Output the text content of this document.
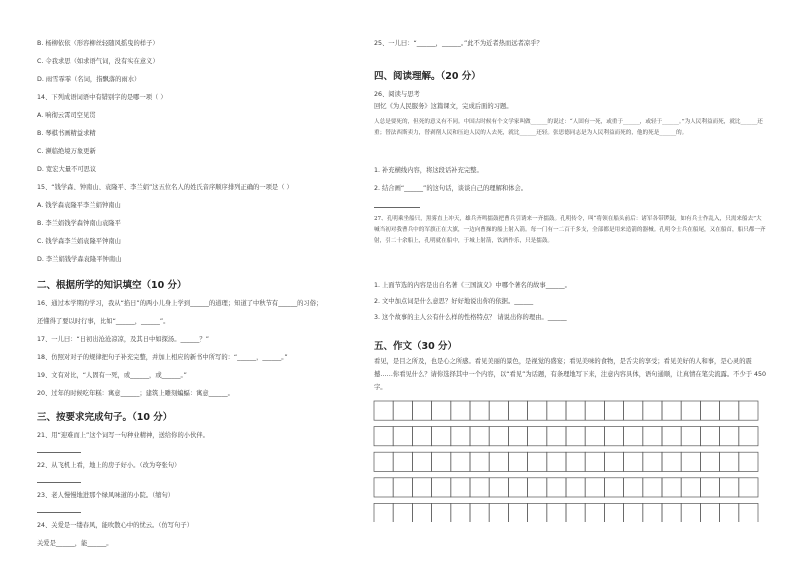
B. 杨柳依依（形容柳丝轻随风摇曳的样子）
C. 令我求思（如求语气词，没有实在意义）
D. 雨雪霏霏（名词，指飘落的雨水）
14、下列成语词语中有错别字的是哪一项（ ）
A. 响彻云霄司空见贯
B. 琴棋书画精益求精
C. 濒临绝境万象更新
D. 宽宏大量不可思议
15、“钱学森、钟南山、袁隆平、李兰娟”这五位名人的姓氏音序顺序排列正确的一项是（ ）
A. 钱学森袁隆平李兰娟钟南山
B. 李兰娟钱学森钟南山袁隆平
C. 钱学森李兰娟袁隆平钟南山
D. 李兰娟钱学森袁隆平钟南山
二、根据所学的知识填空（10 分）
16、通过本学期的学习，我从“掐日”的两小儿身上学到______的道理；知道了中秋节有______的习俗；
还懂得了要以时行事，比如“______，______”。
17、一儿曰：“日初出沧沧凉凉，及其日中如探汤。______？”
18、仿照对对子的规律把句子补充完整，并加上相应的新书中所写的：“______，______。”
19、文有对比，“人固有一死，或______，或______。”
20、过年的时候吃年糕：寓意______；建筑上雕刻蝙蝠：寓意______。
三、按要求完成句子。（10 分）
21、用“迎难而上”这个词写一句种业精神，送给你的小伙伴。
22、从飞机上看，地上的房子好小。（改为夸张句）
23、老人慢慢地进那个绿风味道的小院。（缩句）
24、关爱是一缕春风，能吹散心中的忧云。（仿写句子）
关爱是______，能______。
25、一儿曰：“______，______。”此不为近者热而远者凉乎？
四、阅读理解。（20 分）
26、阅读与思考
回忆《为人民服务》这篇课文，完成后面的习题。
人总是要死的，但死的意义有不同。中国古时候有个文学家叫做______的说过：“人固有一死，或重于______，或轻于______。”为人民利益而死，就比______还重；替法西斯卖力，替剥削人民和压迫人民的人去死，就比______还轻。张思德同志是为人民利益而死的，他的死是______的。
1. 补充横线内容，将这段话补充完整。
2. 结合画“______”的这句话，谈谈自己的理解和体会。
27、孔明乘坐船只，黑雾直上冲天，雄兵齐鸣擂鼓把曹兵引诱来一齐擂鼓。孔明传令，叫“将领在船头前后：诸军各带锣鼓，如有兵士作乱入，只需来船去”大喊当初对我曹兵中的军旗正在大旗，一边向曹操的船上射入箭。每一门有一二百千多支，全部都是用来造箭的器械。孔明令士兵在船尾，又在船首，船只都一齐射，引二十余船上，孔明就在船中，于城上射箭，饮酒作乐，只是擂鼓。
1. 上面节选的内容是出自名著《三国演义》中哪个著名的故事______。
2. 文中加点词是什么意思？好好地说出你的依据。______
3. 这个故事的主人公有什么样的性格特点？ 请说出你的理由。______
五、作文（30 分）
看见，是目之所及，也是心之所感。看见美丽的景色，是视觉的盛宴；看见美味的食物，是舌尖的享受；看见美好的人和事，是心灵的震撼……你看见什么？请你选择其中一个内容，以“看见”为话题，有条理地写下来，注意内容具体，语句通顺，让真情在笔尖流露。不少于 450 字。
